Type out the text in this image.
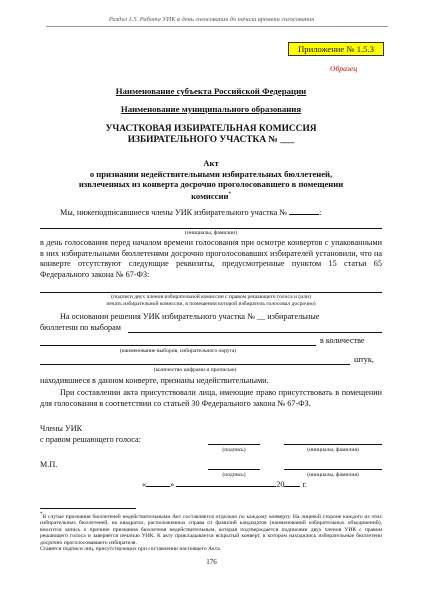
Раздел 1.5. Работа УИК в день голосования до начала времени голосования
Приложение № 1.5.3
Образец
Наименование субъекта Российской Федерации
Наименование муниципального образования
УЧАСТКОВАЯ ИЗБИРАТЕЛЬНАЯ КОМИССИЯ
ИЗБИРАТЕЛЬНОГО УЧАСТКА № ___
Акт
о признании недействительными избирательных бюллетеней,
извлеченных из конверта досрочно проголосовавшего в помещении
комиссии*
Мы, нижеподписавшиеся члены УИК избирательного участка №	:
(инициалы, фамилии)
в день голосования перед началом времени голосования при осмотре конвертов с упакованными в них избирательными бюллетенями досрочно проголосовавших избирателей установили, что на конверте отсутствуют следующие реквизиты, предусмотренные пунктом 15 статьи 65 Федерального закона № 67-ФЗ:
(подписи двух членов избирательной комиссии с правом решающего голоса и (или)
печать избирательной комиссии, в помещении которой избиратель голосовал досрочно)
На основании решения УИК избирательного участка № __ избирательные
бюллетени по выборам
в количестве
(наименование выборов, избирательного округа)
штук,
(количество цифрами и прописью)
находившиеся в данном конверте, признаны недействительными.
При составлении акта присутствовали лица, имеющие право присутствовать в помещении для голосования в соответствии со статьей 30 Федерального закона № 67-ФЗ.
Члены УИК
с правом решающего голоса:
(подпись)	(инициалы, фамилия)
М.П.
(подпись)	(инициалы, фамилия)
«	»	20 г.
*В случае признания бюллетеней недействительными Акт составляется отдельно по каждому конверту. На лицевой стороне каждого из этих избирательных бюллетеней, на квадратах, расположенных справа от фамилий кандидатов (наименований избирательных объединений), вносится запись о причине признания бюллетеня недействительным, которая подтверждается подписями двух членов УИК с правом решающего голоса и заверяется печатью УИК. К акту прикладывается вскрытый конверт, в котором находились избирательные бюллетени досрочно проголосовавшего избирателя.
Ставятся подписи лиц, присутствующих при составлении настоящего Акта.
176
